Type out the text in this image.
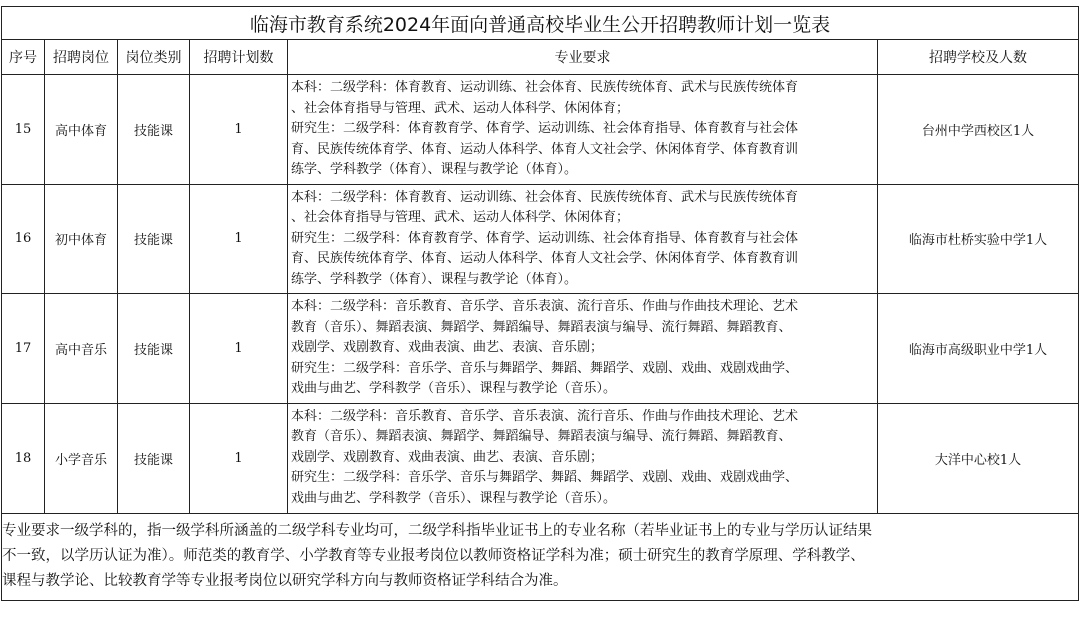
临海市教育系统2024年面向普通高校毕业生公开招聘教师计划一览表					
序号	招聘岗位	岗位类别	招聘计划数	专业要求	招聘学校及人数
15	高中体育	技能课	1	本科：二级学科：体育教育、运动训练、社会体育、民族传统体育、武术与民族传统体育
、社会体育指导与管理、武术、运动人体科学、休闲体育；
研究生：二级学科：体育教育学、体育学、运动训练、社会体育指导、体育教育与社会体
育、民族传统体育学、体育、运动人体科学、体育人文社会学、休闲体育学、体育教育训
练学、学科教学（体育）、课程与教学论（体育）。	台州中学西校区1人
16	初中体育	技能课	1	本科：二级学科：体育教育、运动训练、社会体育、民族传统体育、武术与民族传统体育
、社会体育指导与管理、武术、运动人体科学、休闲体育；
研究生：二级学科：体育教育学、体育学、运动训练、社会体育指导、体育教育与社会体
育、民族传统体育学、体育、运动人体科学、体育人文社会学、休闲体育学、体育教育训
练学、学科教学（体育）、课程与教学论（体育）。	临海市杜桥实验中学1人
17	高中音乐	技能课	1	本科：二级学科：音乐教育、音乐学、音乐表演、流行音乐、作曲与作曲技术理论、艺术
教育（音乐）、舞蹈表演、舞蹈学、舞蹈编导、舞蹈表演与编导、流行舞蹈、舞蹈教育、
戏剧学、戏剧教育、戏曲表演、曲艺、表演、音乐剧；
研究生：二级学科：音乐学、音乐与舞蹈学、舞蹈、舞蹈学、戏剧、戏曲、戏剧戏曲学、
戏曲与曲艺、学科教学（音乐）、课程与教学论（音乐）。	临海市高级职业中学1人
18	小学音乐	技能课	1	本科：二级学科：音乐教育、音乐学、音乐表演、流行音乐、作曲与作曲技术理论、艺术
教育（音乐）、舞蹈表演、舞蹈学、舞蹈编导、舞蹈表演与编导、流行舞蹈、舞蹈教育、
戏剧学、戏剧教育、戏曲表演、曲艺、表演、音乐剧；
研究生：二级学科：音乐学、音乐与舞蹈学、舞蹈、舞蹈学、戏剧、戏曲、戏剧戏曲学、
戏曲与曲艺、学科教学（音乐）、课程与教学论（音乐）。	大洋中心校1人

专业要求一级学科的，指一级学科所涵盖的二级学科专业均可，二级学科指毕业证书上的专业名称（若毕业证书上的专业与学历认证结果
不一致，以学历认证为准）。师范类的教育学、小学教育等专业报考岗位以教师资格证学科为准；硕士研究生的教育学原理、学科教学、
课程与教学论、比较教育学等专业报考岗位以研究学科方向与教师资格证学科结合为准。					
